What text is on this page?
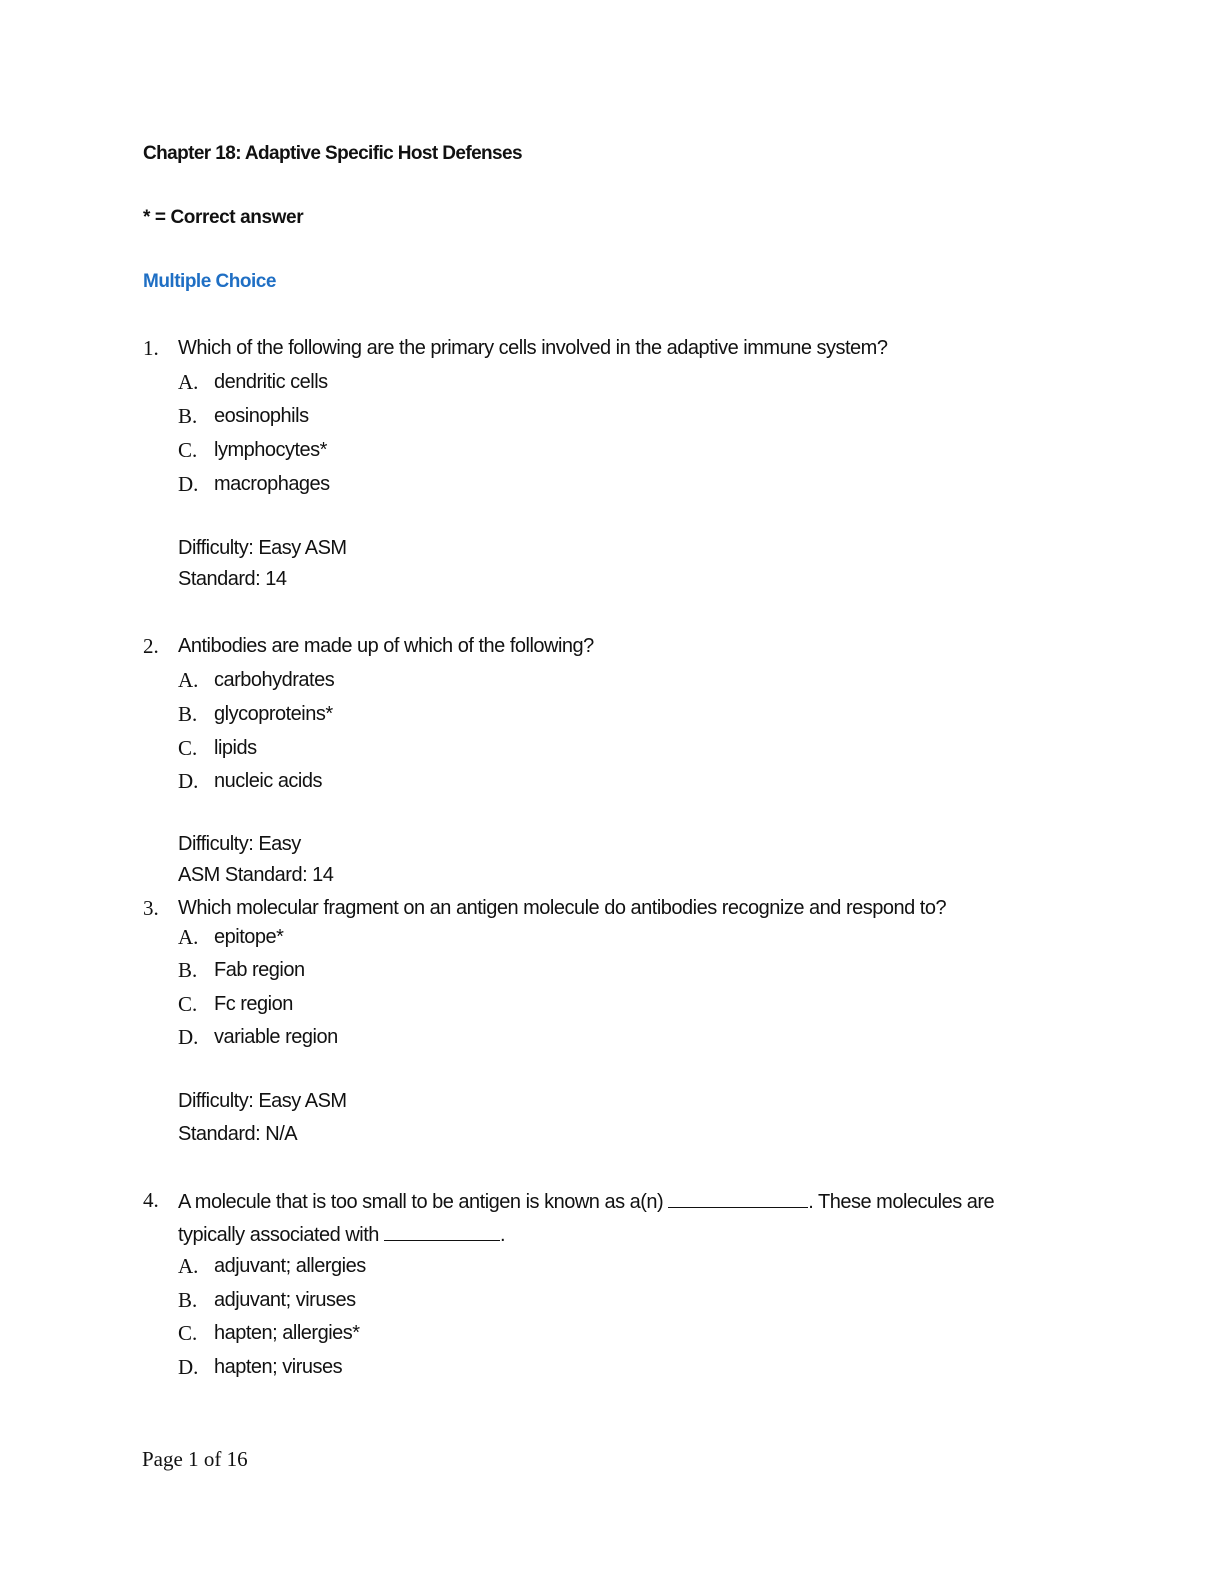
Chapter 18: Adaptive Specific Host Defenses
* = Correct answer
Multiple Choice
1. Which of the following are the primary cells involved in the adaptive immune system?
A. dendritic cells
B. eosinophils
C. lymphocytes*
D. macrophages
Difficulty: Easy ASM
Standard: 14
2. Antibodies are made up of which of the following?
A. carbohydrates
B. glycoproteins*
C. lipids
D. nucleic acids
Difficulty: Easy
ASM Standard: 14
3. Which molecular fragment on an antigen molecule do antibodies recognize and respond to?
A. epitope*
B. Fab region
C. Fc region
D. variable region
Difficulty: Easy ASM
Standard: N/A
4. A molecule that is too small to be antigen is known as a(n)	. These molecules are
typically associated with	.
A. adjuvant; allergies
B. adjuvant; viruses
C. hapten; allergies*
D. hapten; viruses
Page 1 of 16
